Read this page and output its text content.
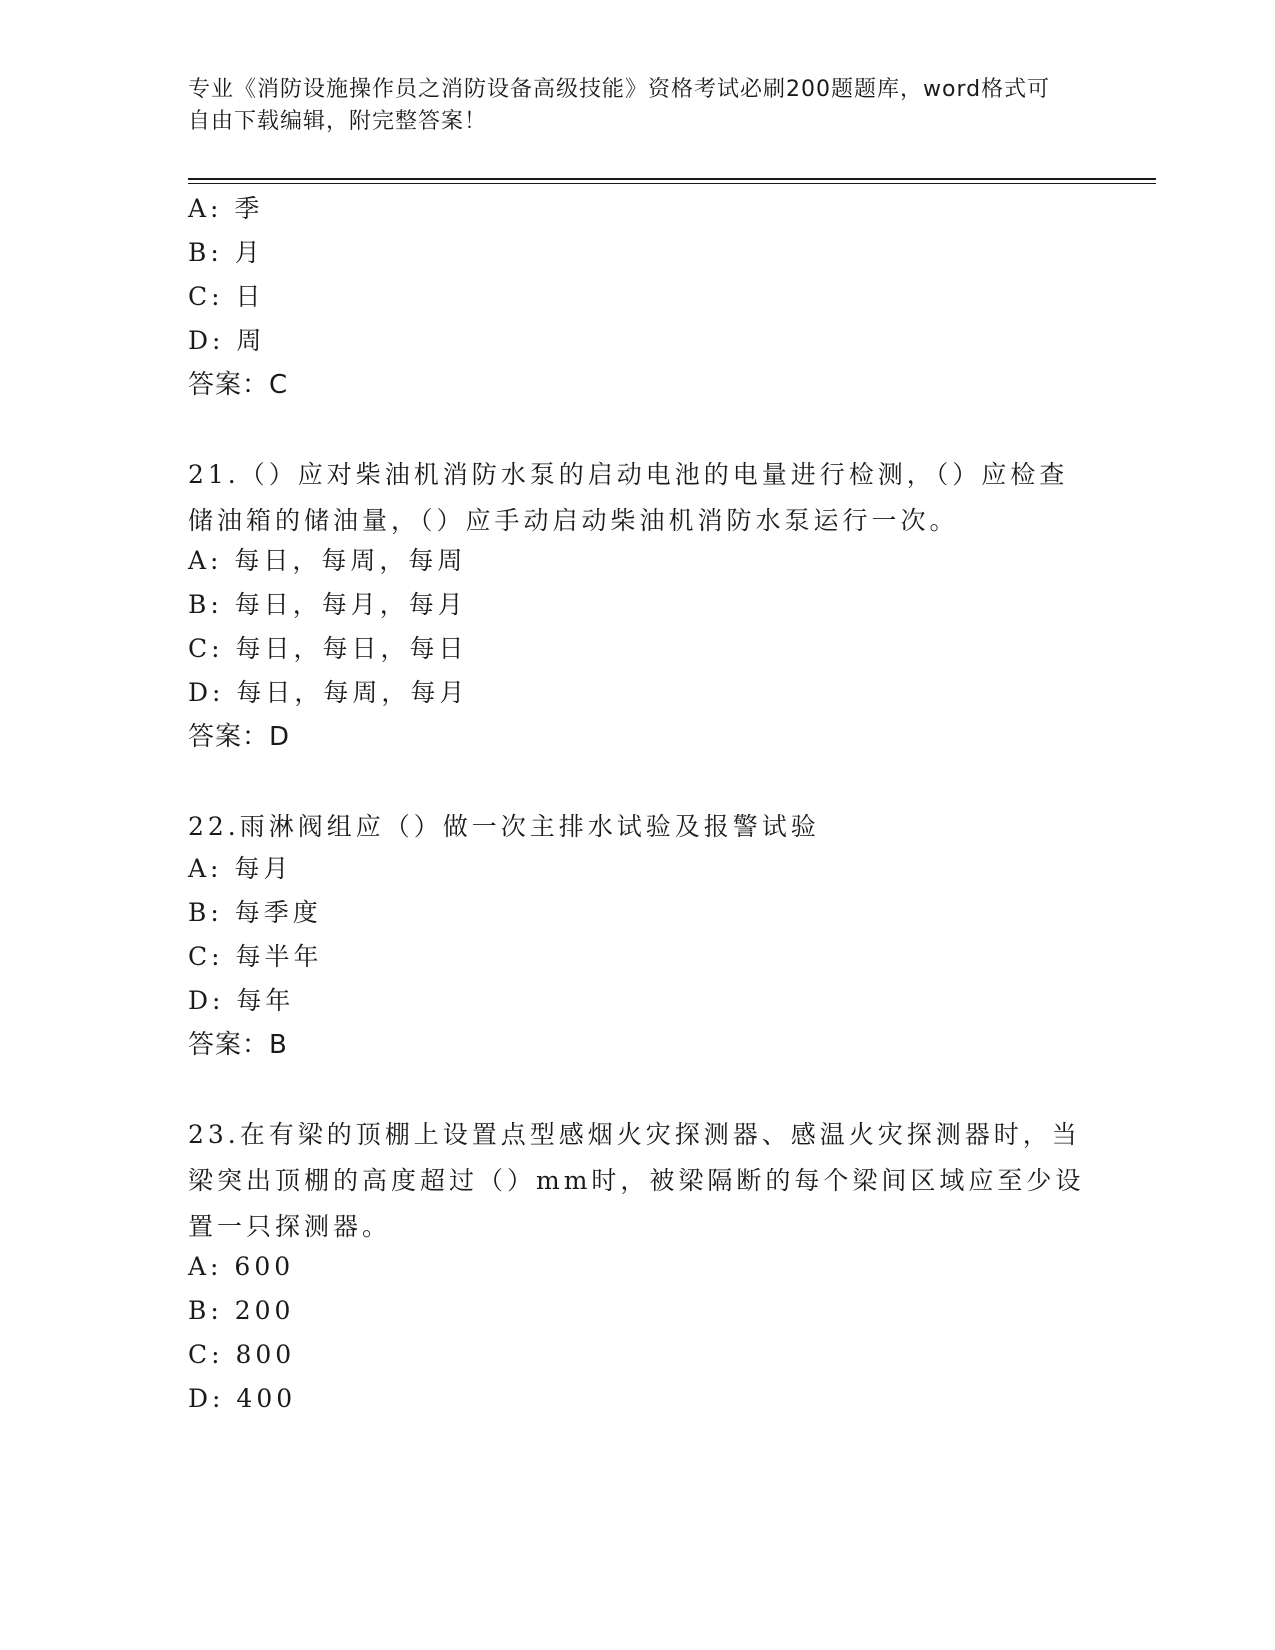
专业《消防设施操作员之消防设备高级技能》资格考试必刷200题题库，word格式可自由下载编辑，附完整答案！
A: 季
B: 月
C: 日
D: 周
答案：C
21.（）应对柴油机消防水泵的启动电池的电量进行检测，（）应检查储油箱的储油量，（）应手动启动柴油机消防水泵运行一次。
A: 每日，每周，每周
B: 每日，每月，每月
C: 每日，每日，每日
D: 每日，每周，每月
答案：D
22.雨淋阀组应（）做一次主排水试验及报警试验
A: 每月
B: 每季度
C: 每半年
D: 每年
答案：B
23.在有梁的顶棚上设置点型感烟火灾探测器、感温火灾探测器时，当梁突出顶棚的高度超过（）mm时，被梁隔断的每个梁间区域应至少设置一只探测器。
A: 600
B: 200
C: 800
D: 400
